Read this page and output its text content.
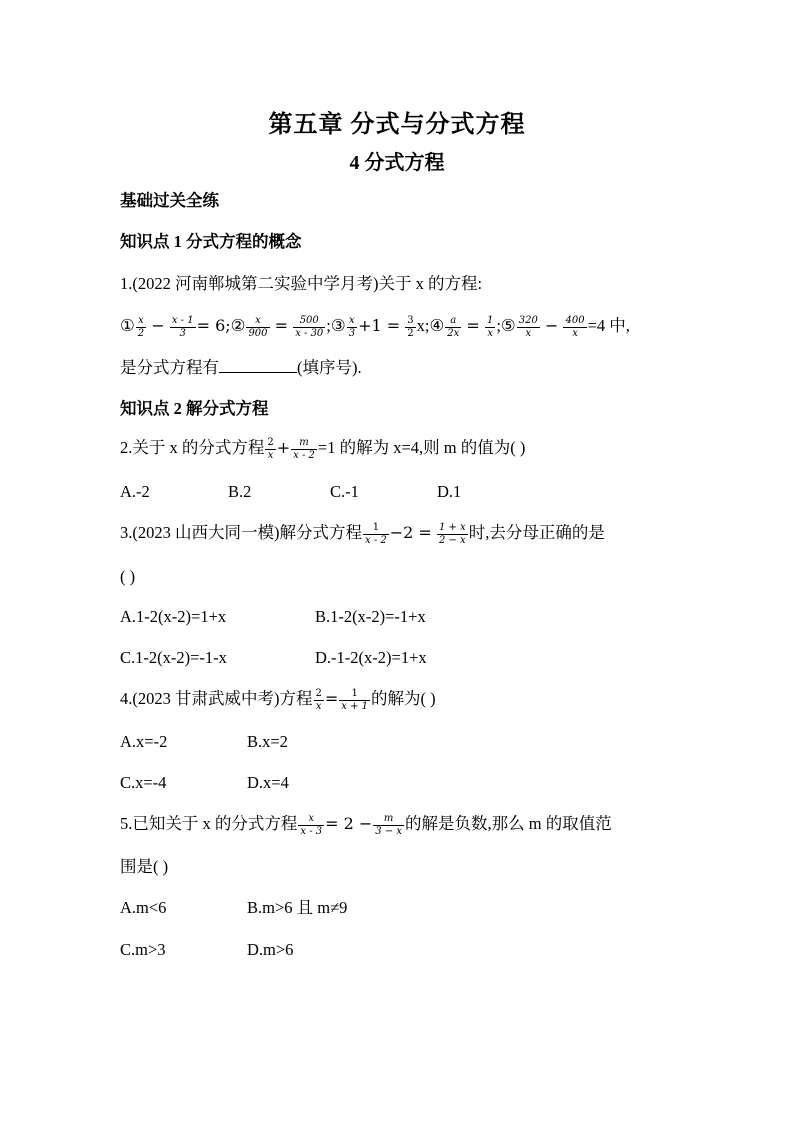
第五章 分式与分式方程
4 分式方程
基础过关全练
知识点 1 分式方程的概念
1.(2022 河南郸城第二实验中学月考)关于 x 的方程:
① $\frac{x}{2} - \frac{x - 1}{3}$ = 6;② $\frac{x}{900} = \frac{500}{x - 30}$ ;③ $\frac{x}{3} +1 = \frac{3}{2}$ x;④ $\frac{a}{2x} = \frac{1}{x}$ ;⑤ $\frac{320}{x} - \frac{400}{x} =4$ 中,
是分式方程有	(填序号).
知识点 2 解分式方程
2.关于 x 的分式方程 $\frac{2}{x} + \frac{m}{x - 2} =1$ 的解为 x=4,则 m 的值为( )
A.-2	B.2	C.-1	D.1
3.(2023 山西大同一模)解分式方程 $\frac{1}{x - 2} -2 = \frac{1 + x}{2 - x}$ 时,去分母正确的是
( )
A.1-2(x-2)=1+x	B.1-2(x-2)=-1+x
C.1-2(x-2)=-1-x	D.-1-2(x-2)=1+x
4.(2023 甘肃武威中考)方程 $\frac{2}{x} = \frac{1}{x + 1}$ 的解为( )
A.x=-2	B.x=2
C.x=-4	D.x=4
5.已知关于 x 的分式方程 $\frac{x}{x - 3} = 2 - \frac{m}{3 - x}$ 的解是负数,那么 m 的取值范
围是( )
A.m<6	B.m>6 且 m≠9
C.m>3	D.m>6
